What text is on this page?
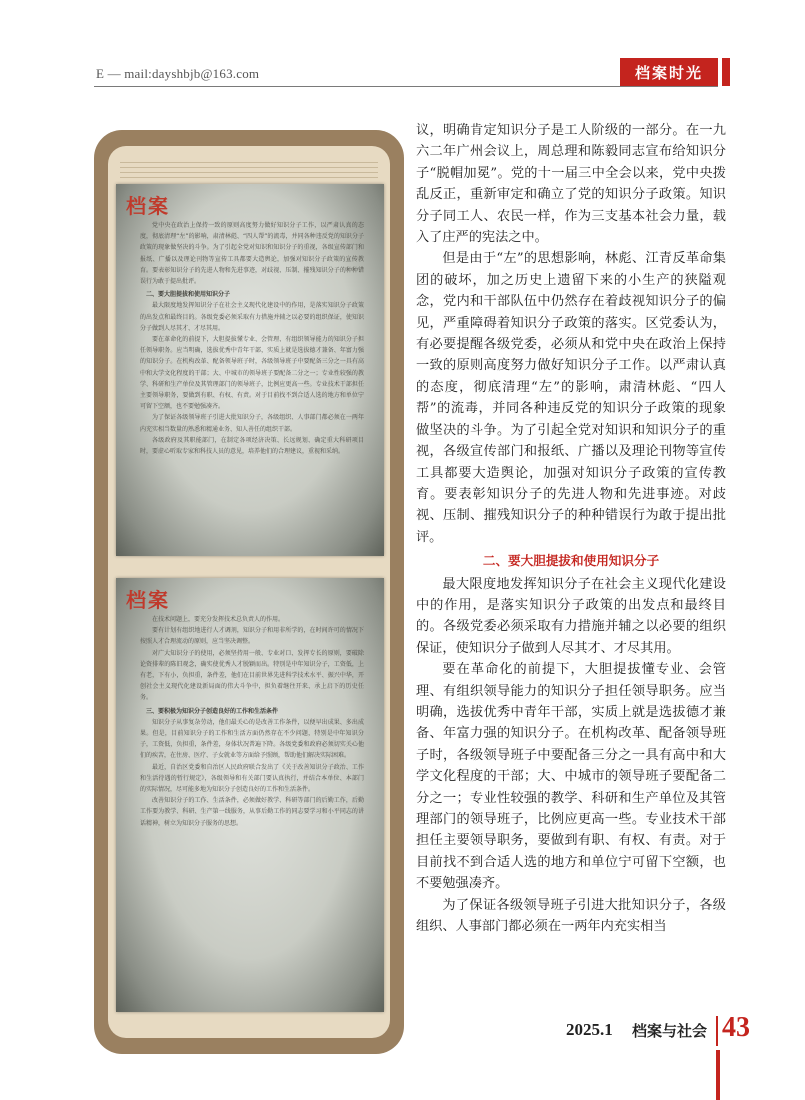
E — mail:dayshbjb@163.com	档案时光
档案

党中央在政治上保持一致的原则高度努力做好知识分子工作，以严肃认真的态度，彻底清理“左”的影响，肃清林彪、“四人帮”的流毒，并同各种违反党的知识分子政策的现象做坚决的斗争。为了引起全党对知识和知识分子的重视，各级宣传部门和报纸、广播以及理论刊物等宣传工具都要大造舆论，加强对知识分子政策的宣传教育。要表彰知识分子的先进人物和先进事迹，对歧视、压制、摧残知识分子的种种错误行为敢于提出批评。

二、要大胆提拔和使用知识分子

最大限度地发挥知识分子在社会主义现代化建设中的作用，是落实知识分子政策的出发点和最终目的。各级党委必须采取有力措施并辅之以必要的组织保证，使知识分子做到人尽其才、才尽其用。

要在革命化的前提下，大胆提拔懂专业、会管理、有组织领导能力的知识分子担任领导职务。应当明确，选拔优秀中青年干部，实质上就是选拔德才兼备、年富力强的知识分子。在机构改革、配备领导班子时，各级领导班子中要配备三分之一具有高中和大学文化程度的干部；大、中城市的领导班子要配备二分之一；专业性较强的教学、科研和生产单位及其管理部门的领导班子，比例应更高一些。专业技术干部担任主要领导职务，要做到有职、有权、有责。对于目前找不到合适人选的地方和单位宁可留下空额，也不要勉强凑齐。

为了保证各级领导班子引进大批知识分子，各级组织、人事部门都必须在一两年内充实相当数量的熟悉和精通业务、知人善任的组织干部。

各级政府及其职能部门，在制定各项经济决策、长远规划、确定重大科研项目时，要虚心听取专家和科技人员的意见，培养他们的合理建议，重视和采纳。

档案

在技术问题上，要充分发挥技术总负责人的作用。

要有计划有组织地进行人才调剂，知识分子和用非所学的，在时间许可的情况下按照人才合理流动的原则，应当坚决调整。

对广大知识分子的使用，必须坚持用一般、专业对口、发挥专长的原则，要破除论资排辈的陈旧观念，确实使优秀人才脱颖而出。特别是中年知识分子，工资低，上有老，下有小，负担重，条件差，他们在目前世界先进科学技术水平、振兴中华，开创社会主义现代化建设新局面的伟大斗争中，担负着继往开来、承上启下的历史任务。

三、要积极为知识分子创造良好的工作和生活条件

知识分子从事复杂劳动，他们最关心的是改善工作条件，以便早出成果、多出成果。但是，目前知识分子的工作和生活方面仍然存在不少问题，特别是中年知识分子，工资低，负担重，条件差，身体状况普遍下降。各级党委和政府必须切实关心他们的疾苦，在住房、医疗、子女就业等方面给予照顾，帮助他们解决实际困难。

最近，自治区党委和自治区人民政府联合发出了《关于改善知识分子政治、工作和生活待遇的暂行规定》，各级领导和有关部门要认真执行，并结合本单位、本部门的实际情况，尽可能多地为知识分子创造良好的工作和生活条件。

改善知识分子的工作、生活条件，必须做好教学、科研等部门的后勤工作，后勤工作要为教学、科研、生产第一线服务，从事后勤工作的同志要学习和小平同志的讲话精神，树立为知识分子服务的思想。

议，明确肯定知识分子是工人阶级的一部分。在一九六二年广州会议上，周总理和陈毅同志宣布给知识分子“脱帽加冕”。党的十一届三中全会以来，党中央拨乱反正，重新审定和确立了党的知识分子政策。知识分子同工人、农民一样，作为三支基本社会力量，载入了庄严的宪法之中。

但是由于“左”的思想影响，林彪、江青反革命集团的破坏，加之历史上遗留下来的小生产的狭隘观念，党内和干部队伍中仍然存在着歧视知识分子的偏见，严重障碍着知识分子政策的落实。区党委认为，有必要提醒各级党委，必须从和党中央在政治上保持一致的原则高度努力做好知识分子工作。以严肃认真的态度，彻底清理“左”的影响，肃清林彪、“四人帮”的流毒，并同各种违反党的知识分子政策的现象做坚决的斗争。为了引起全党对知识和知识分子的重视，各级宣传部门和报纸、广播以及理论刊物等宣传工具都要大造舆论，加强对知识分子政策的宣传教育。要表彰知识分子的先进人物和先进事迹。对歧视、压制、摧残知识分子的种种错误行为敢于提出批评。

二、要大胆提拔和使用知识分子

最大限度地发挥知识分子在社会主义现代化建设中的作用，是落实知识分子政策的出发点和最终目的。各级党委必须采取有力措施并辅之以必要的组织保证，使知识分子做到人尽其才、才尽其用。

要在革命化的前提下，大胆提拔懂专业、会管理、有组织领导能力的知识分子担任领导职务。应当明确，选拔优秀中青年干部，实质上就是选拔德才兼备、年富力强的知识分子。在机构改革、配备领导班子时，各级领导班子中要配备三分之一具有高中和大学文化程度的干部；大、中城市的领导班子要配备二分之一；专业性较强的教学、科研和生产单位及其管理部门的领导班子，比例应更高一些。专业技术干部担任主要领导职务，要做到有职、有权、有责。对于目前找不到合适人选的地方和单位宁可留下空额，也不要勉强凑齐。

为了保证各级领导班子引进大批知识分子，各级组织、人事部门都必须在一两年内充实相当

2025.1 档案与社会 43
